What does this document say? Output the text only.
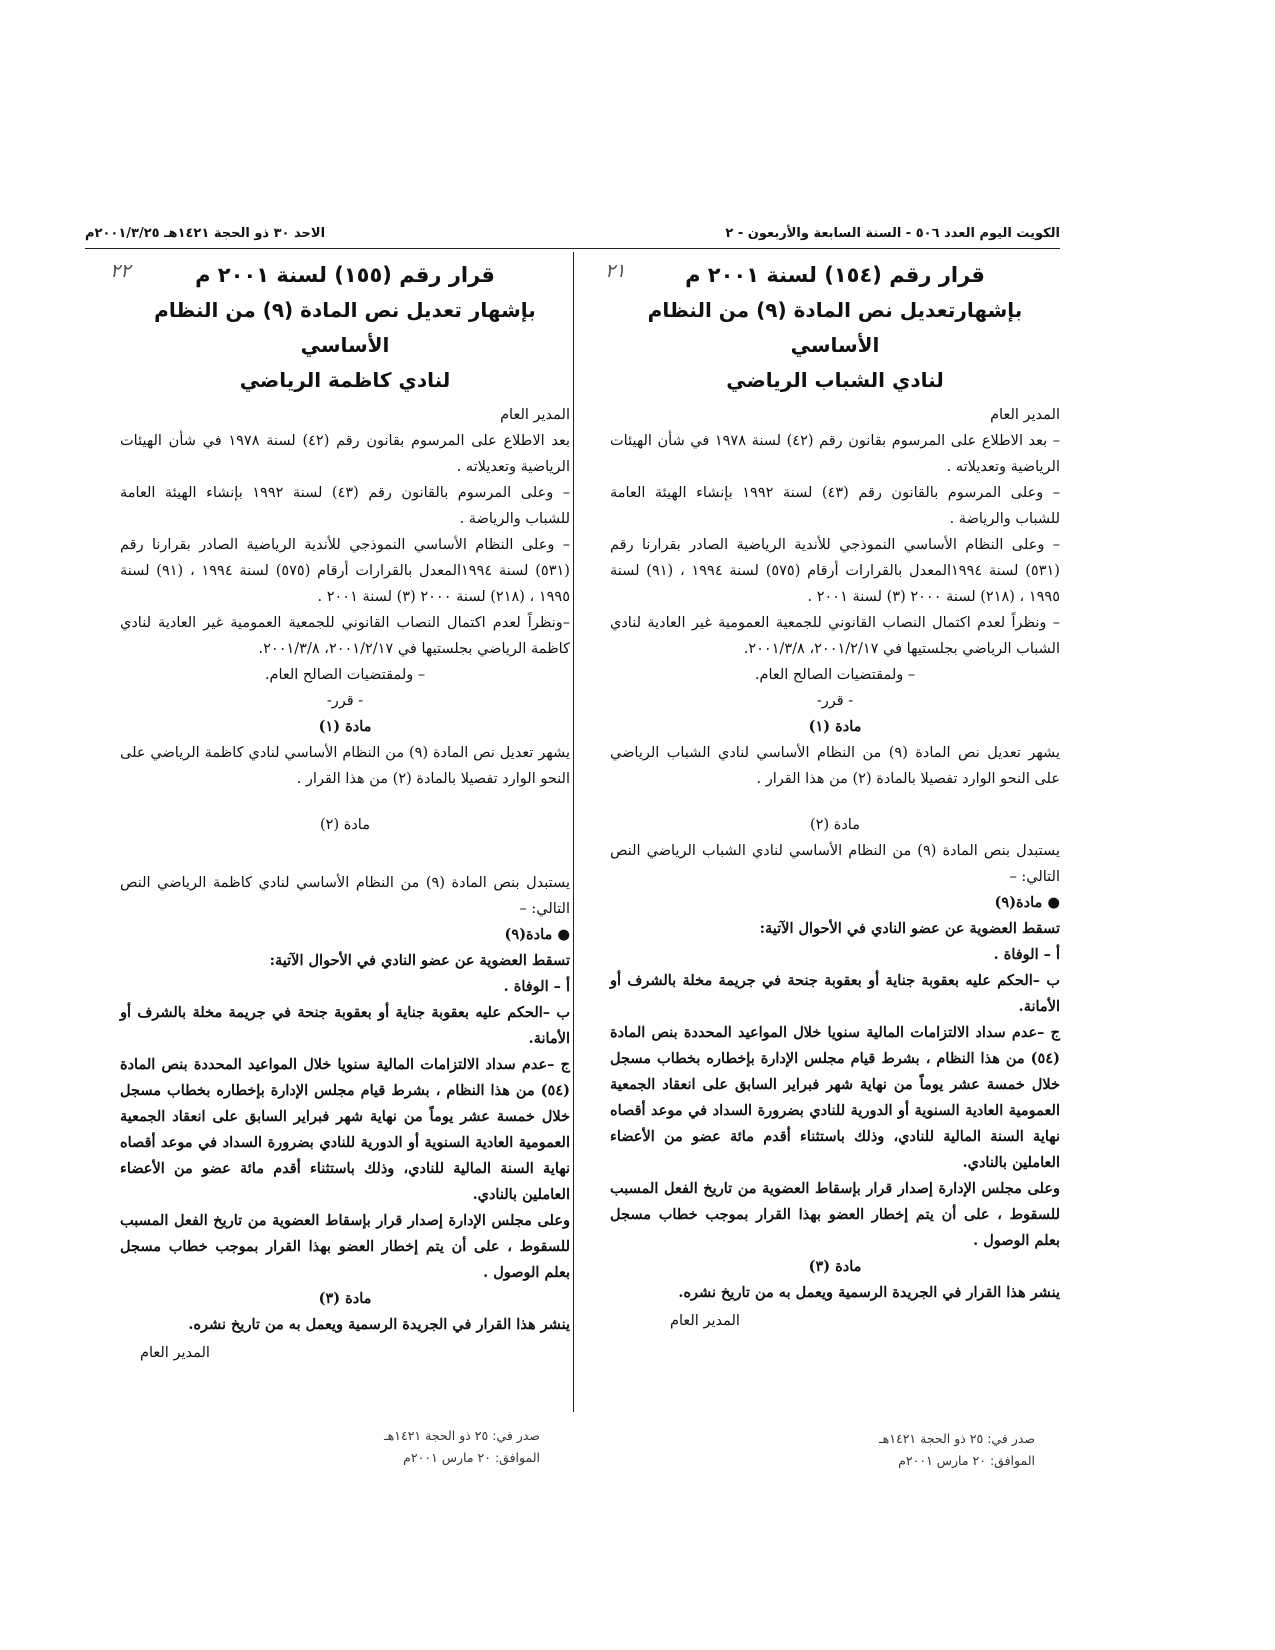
الكويت اليوم العدد ٥٠٦ - السنة السابعة والأربعون - ٢
الاحد ٣٠ ذو الحجة ١٤٢١هـ ٢٠٠١/٣/٢٥م
٢١	قرار رقم (١٥٤) لسنة ٢٠٠١ م
بإشهارتعديل نص المادة (٩) من النظام الأساسي
لنادي الشباب الرياضي

المدير العام

– بعد الاطلاع على المرسوم بقانون رقم (٤٢) لسنة ١٩٧٨ في شأن الهيئات الرياضية وتعديلاته .

– وعلى المرسوم بالقانون رقم (٤٣) لسنة ١٩٩٢ بإنشاء الهيئة العامة للشباب والرياضة .

– وعلى النظام الأساسي النموذجي للأندية الرياضية الصادر بقرارنا رقم (٥٣١) لسنة ١٩٩٤المعدل بالقرارات أرقام (٥٧٥) لسنة ١٩٩٤ ، (٩١) لسنة ١٩٩٥ ، (٢١٨) لسنة ٢٠٠٠ (٣) لسنة ٢٠٠١ .

– ونظراً لعدم اكتمال النصاب القانوني للجمعية العمومية غير العادية لنادي الشباب الرياضي بجلستيها في ٢٠٠١/٢/١٧، ٢٠٠١/٣/٨.

– ولمقتضيات الصالح العام.

- قرر-

مادة (١)

يشهر تعديل نص المادة (٩) من النظام الأساسي لنادي الشباب الرياضي على النحو الوارد تفصيلا بالمادة (٢) من هذا القرار .

مادة (٢)

يستبدل بنص المادة (٩) من النظام الأساسي لنادي الشباب الرياضي النص التالي: –

● مادة(٩)

تسقط العضوية عن عضو النادي في الأحوال الآتية:

أ – الوفاة .

ب –الحكم عليه بعقوبة جناية أو بعقوبة جنحة في جريمة مخلة بالشرف أو الأمانة.

ج –عدم سداد الالتزامات المالية سنويا خلال المواعيد المحددة بنص المادة (٥٤) من هذا النظام ، بشرط قيام مجلس الإدارة بإخطاره بخطاب مسجل خلال خمسة عشر يوماً من نهاية شهر فبراير السابق على انعقاد الجمعية العمومية العادية السنوية أو الدورية للنادي بضرورة السداد في موعد أقصاه نهاية السنة المالية للنادي، وذلك باستثناء أقدم مائة عضو من الأعضاء العاملين بالنادي.

وعلى مجلس الإدارة إصدار قرار بإسقاط العضوية من تاريخ الفعل المسبب للسقوط ، على أن يتم إخطار العضو بهذا القرار بموجب خطاب مسجل بعلم الوصول .

مادة (٣)

ينشر هذا القرار في الجريدة الرسمية ويعمل به من تاريخ نشره.

المدير العام

صدر في: ٢٥ ذو الحجة ١٤٢١هـ
الموافق: ٢٠ مارس ٢٠٠١م
٢٢	قرار رقم (١٥٥) لسنة ٢٠٠١ م
بإشهار تعديل نص المادة (٩) من النظام الأساسي
لنادي كاظمة الرياضي

المدير العام

بعد الاطلاع على المرسوم بقانون رقم (٤٢) لسنة ١٩٧٨ في شأن الهيئات الرياضية وتعديلاته .

– وعلى المرسوم بالقانون رقم (٤٣) لسنة ١٩٩٢ بإنشاء الهيئة العامة للشباب والرياضة .

– وعلى النظام الأساسي النموذجي للأندية الرياضية الصادر بقرارنا رقم (٥٣١) لسنة ١٩٩٤المعدل بالقرارات أرقام (٥٧٥) لسنة ١٩٩٤ ، (٩١) لسنة ١٩٩٥ ، (٢١٨) لسنة ٢٠٠٠ (٣) لسنة ٢٠٠١ .

–ونظراً لعدم اكتمال النصاب القانوني للجمعية العمومية غير العادية لنادي كاظمة الرياضي بجلستيها في ٢٠٠١/٢/١٧، ٢٠٠١/٣/٨.

– ولمقتضيات الصالح العام.

- قرر-

مادة (١)

يشهر تعديل نص المادة (٩) من النظام الأساسي لنادي كاظمة الرياضي على النحو الوارد تفصيلا بالمادة (٢) من هذا القرار .

مادة (٢)

يستبدل بنص المادة (٩) من النظام الأساسي لنادي كاظمة الرياضي النص التالي: –

● مادة(٩)

تسقط العضوية عن عضو النادي في الأحوال الآتية:

أ – الوفاة .

ب –الحكم عليه بعقوبة جناية أو بعقوبة جنحة في جريمة مخلة بالشرف أو الأمانة.

ج –عدم سداد الالتزامات المالية سنويا خلال المواعيد المحددة بنص المادة (٥٤) من هذا النظام ، بشرط قيام مجلس الإدارة بإخطاره بخطاب مسجل خلال خمسة عشر يوماً من نهاية شهر فبراير السابق على انعقاد الجمعية العمومية العادية السنوية أو الدورية للنادي بضرورة السداد في موعد أقصاه نهاية السنة المالية للنادي، وذلك باستثناء أقدم مائة عضو من الأعضاء العاملين بالنادي.

وعلى مجلس الإدارة إصدار قرار بإسقاط العضوية من تاريخ الفعل المسبب للسقوط ، على أن يتم إخطار العضو بهذا القرار بموجب خطاب مسجل بعلم الوصول .

مادة (٣)

ينشر هذا القرار في الجريدة الرسمية ويعمل به من تاريخ نشره.

المدير العام

صدر في: ٢٥ ذو الحجة ١٤٢١هـ
الموافق: ٢٠ مارس ٢٠٠١م
